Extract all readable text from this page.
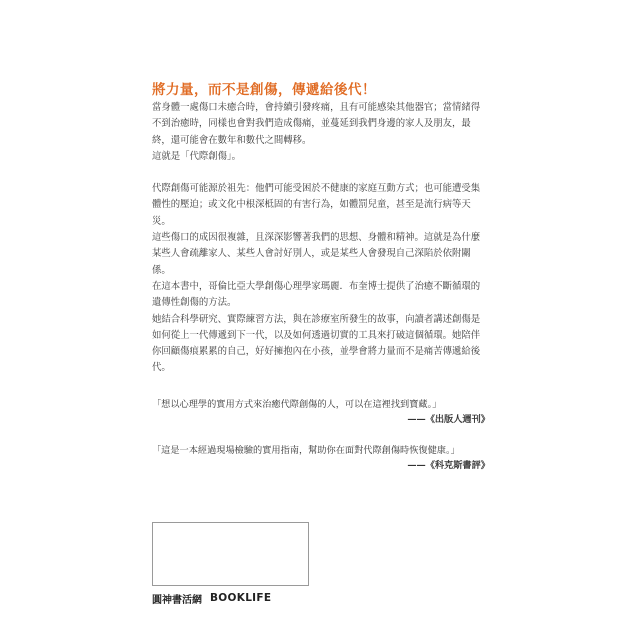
將力量，而不是創傷，傳遞給後代！

當身體一處傷口未癒合時，會持續引發疼痛，且有可能感染其他器官；當情緒得不到治癒時，同樣也會對我們造成傷痛，並蔓延到我們身邊的家人及朋友，最終，還可能會在數年和數代之間轉移。

這就是「代際創傷」。

代際創傷可能源於祖先：他們可能受困於不健康的家庭互動方式；也可能遭受集體性的壓迫；或文化中根深柢固的有害行為，如體罰兒童，甚至是流行病等天災。

這些傷口的成因很複雜，且深深影響著我們的思想、身體和精神。這就是為什麼某些人會疏離家人、某些人會討好別人，或是某些人會發現自己深陷於依附關係。

在這本書中，哥倫比亞大學創傷心理學家瑪麗．布奎博士提供了治癒不斷循環的遺傳性創傷的方法。

她結合科學研究、實際練習方法，與在診療室所發生的故事，向讀者講述創傷是如何從上一代傳遞到下一代，以及如何透過切實的工具來打破這個循環。她陪伴你回顧傷痕累累的自己，好好擁抱內在小孩，並學會將力量而不是痛苦傳遞給後代。

「想以心理學的實用方式來治癒代際創傷的人，可以在這裡找到寶藏。」

——《出版人週刊》

「這是一本經過現場檢驗的實用指南，幫助你在面對代際創傷時恢復健康。」

——《科克斯書評》

圓神書活網 BOOKLIFE
